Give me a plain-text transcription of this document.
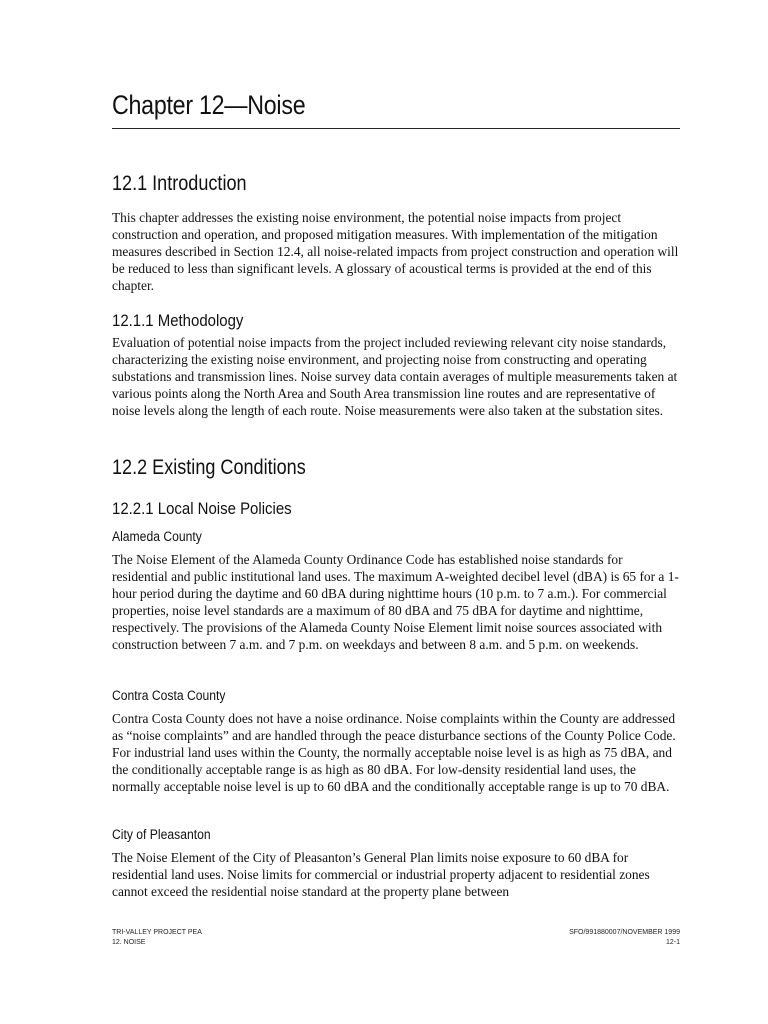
Chapter 12—Noise
12.1 Introduction

This chapter addresses the existing noise environment, the potential noise impacts from project construction and operation, and proposed mitigation measures. With implementation of the mitigation measures described in Section 12.4, all noise-related impacts from project construction and operation will be reduced to less than significant levels. A glossary of acoustical terms is provided at the end of this chapter.

12.1.1 Methodology

Evaluation of potential noise impacts from the project included reviewing relevant city noise standards, characterizing the existing noise environment, and projecting noise from constructing and operating substations and transmission lines. Noise survey data contain averages of multiple measurements taken at various points along the North Area and South Area transmission line routes and are representative of noise levels along the length of each route. Noise measurements were also taken at the substation sites.

12.2 Existing Conditions
12.2.1 Local Noise Policies
Alameda County

The Noise Element of the Alameda County Ordinance Code has established noise standards for residential and public institutional land uses. The maximum A-weighted decibel level (dBA) is 65 for a 1-hour period during the daytime and 60 dBA during nighttime hours (10 p.m. to 7 a.m.). For commercial properties, noise level standards are a maximum of 80 dBA and 75 dBA for daytime and nighttime, respectively. The provisions of the Alameda County Noise Element limit noise sources associated with construction between 7 a.m. and 7 p.m. on weekdays and between 8 a.m. and 5 p.m. on weekends.

Contra Costa County

Contra Costa County does not have a noise ordinance. Noise complaints within the County are addressed as “noise complaints” and are handled through the peace disturbance sections of the County Police Code. For industrial land uses within the County, the normally acceptable noise level is as high as 75 dBA, and the conditionally acceptable range is as high as 80 dBA. For low-density residential land uses, the normally acceptable noise level is up to 60 dBA and the conditionally acceptable range is up to 70 dBA.

City of Pleasanton

The Noise Element of the City of Pleasanton’s General Plan limits noise exposure to 60 dBA for residential land uses. Noise limits for commercial or industrial property adjacent to residential zones cannot exceed the residential noise standard at the property plane between

TRI-VALLEY PROJECT PEA
12. NOISE
SFO/991880007/NOVEMBER 1999
12-1
